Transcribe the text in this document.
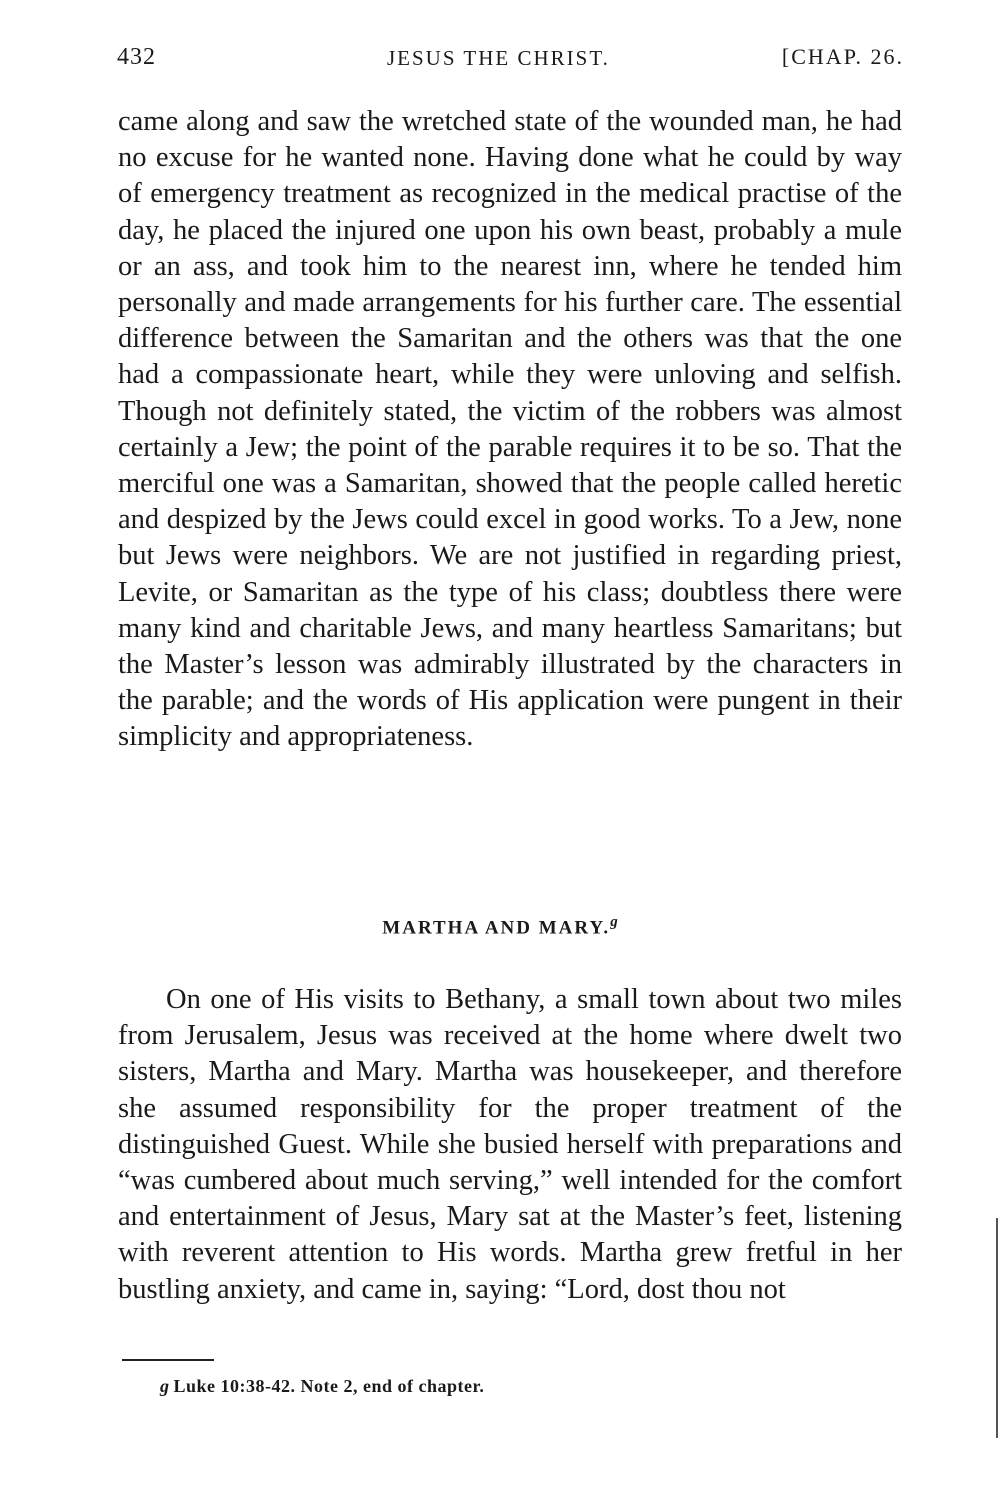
432	JESUS THE CHRIST.	[CHAP. 26.

came along and saw the wretched state of the wounded man, he had no excuse for he wanted none. Having done what he could by way of emergency treatment as recognized in the medical practise of the day, he placed the injured one upon his own beast, probably a mule or an ass, and took him to the nearest inn, where he tended him personally and made arrangements for his further care. The essential difference between the Samaritan and the others was that the one had a compassionate heart, while they were unloving and selfish. Though not definitely stated, the victim of the robbers was almost certainly a Jew; the point of the parable requires it to be so. That the merciful one was a Samaritan, showed that the people called heretic and despized by the Jews could excel in good works. To a Jew, none but Jews were neighbors. We are not justified in regarding priest, Levite, or Samaritan as the type of his class; doubtless there were many kind and charitable Jews, and many heartless Samaritans; but the Master’s lesson was admirably illustrated by the characters in the parable; and the words of His application were pungent in their simplicity and appropriateness.

MARTHA AND MARY.$^g$

On one of His visits to Bethany, a small town about two miles from Jerusalem, Jesus was received at the home where dwelt two sisters, Martha and Mary. Martha was housekeeper, and therefore she assumed responsibility for the proper treatment of the distinguished Guest. While she busied herself with preparations and “was cumbered about much serving,” well intended for the comfort and entertainment of Jesus, Mary sat at the Master’s feet, listening with reverent attention to His words. Martha grew fretful in her bustling anxiety, and came in, saying: “Lord, dost thou not

g Luke 10:38-42. Note 2, end of chapter.
